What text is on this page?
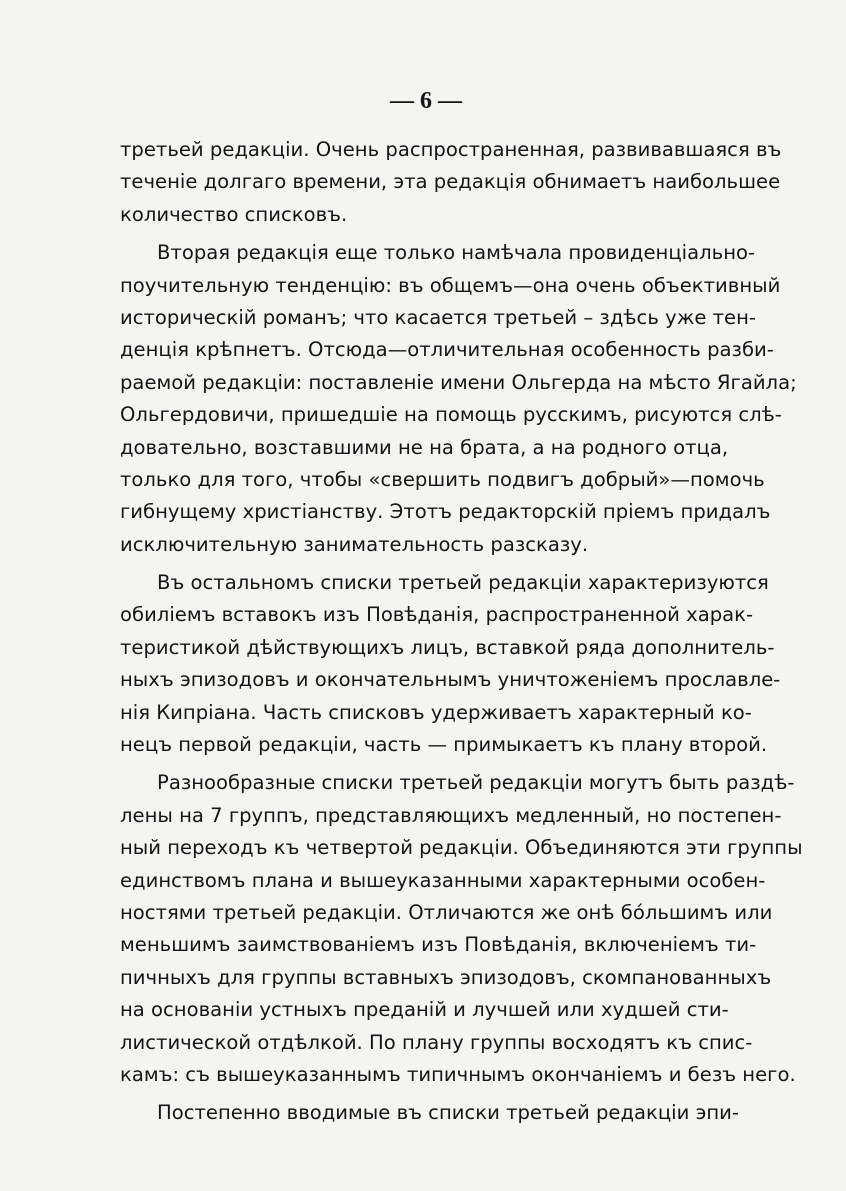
— 6 —

третьей редакціи. Очень распространенная, развивавшаяся въ
теченіе долгаго времени, эта редакція обнимаетъ наибольшее
количество списковъ.

Вторая редакція еще только намѣчала провиденціально-
поучительную тенденцію: въ общемъ—она очень объективный
историческій романъ; что касается третьей – здѣсь уже тен-
денція крѣпнетъ. Отсюда—отличительная особенность разби-
раемой редакціи: поставленіе имени Ольгерда на мѣсто Ягайла;
Ольгердовичи, пришедшіе на помощь русскимъ, рисуются слѣ-
довательно, возставшими не на брата, а на родного отца,
только для того, чтобы «свершить подвигъ добрый»—помочь
гибнущему христіанству. Этотъ редакторскій пріемъ придалъ
исключительную занимательность разсказу.

Въ остальномъ списки третьей редакціи характеризуются
обиліемъ вставокъ изъ Повѣданія, распространенной харак-
теристикой дѣйствующихъ лицъ, вставкой ряда дополнитель-
ныхъ эпизодовъ и окончательнымъ уничтоженіемъ прославле-
нія Кипріана. Часть списковъ удерживаетъ характерный ко-
нецъ первой редакціи, часть — примыкаетъ къ плану второй.

Разнообразные списки третьей редакціи могутъ быть раздѣ-
лены на 7 группъ, представляющихъ медленный, но постепен-
ный переходъ къ четвертой редакціи. Объединяются эти группы
единствомъ плана и вышеуказанными характерными особен-
ностями третьей редакціи. Отличаются же онѣ бо́льшимъ или
меньшимъ заимствованіемъ изъ Повѣданія, включеніемъ ти-
пичныхъ для группы вставныхъ эпизодовъ, скомпанованныхъ
на основаніи устныхъ преданій и лучшей или худшей сти-
листической отдѣлкой. По плану группы восходятъ къ спис-
камъ: съ вышеуказаннымъ типичнымъ окончаніемъ и безъ него.

Постепенно вводимые въ списки третьей редакціи эпи-
